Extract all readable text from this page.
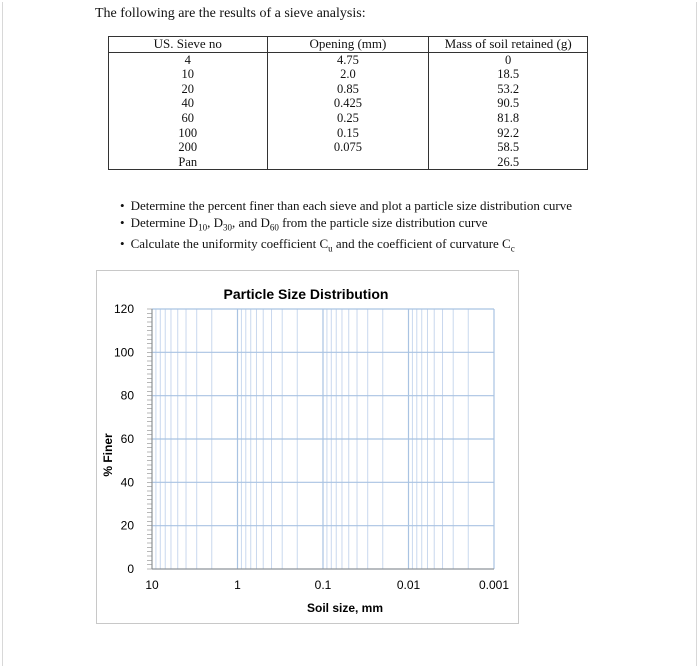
The following are the results of a sieve analysis:
US. Sieve no	Opening (mm)	Mass of soil retained (g)
4	4.75	0
10	2.0	18.5
20	0.85	53.2
40	0.425	90.5
60	0.25	81.8
100	0.15	92.2
200	0.075	58.5
Pan		26.5
• Determine the percent finer than each sieve and plot a particle size distribution curve
• Determine $D_{10}$, $D_{30}$, and $D_{60}$ from the particle size distribution curve
• Calculate the uniformity coefficient $C_u$ and the coefficient of curvature $C_c$
Particle Size Distribution
0
20
40
60
80
100
120
10	1	0.1	0.01	0.001
Soil size, mm
% Finer
